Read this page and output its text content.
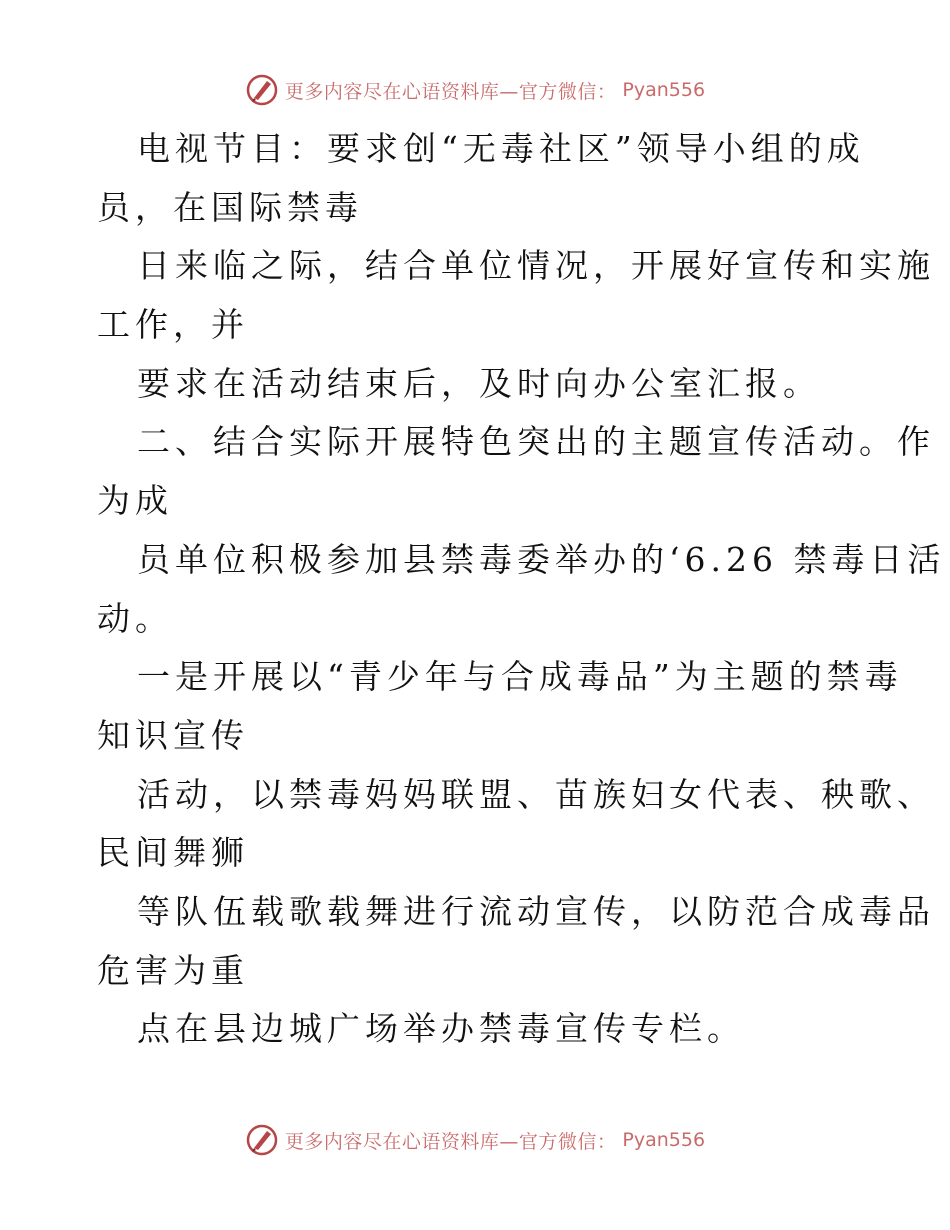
更多内容尽在心语资料库—官方微信： Pyan556
电视节目：要求创“无毒社区”领导小组的成
员，在国际禁毒
日来临之际，结合单位情况，开展好宣传和实施
工作，并
要求在活动结束后，及时向办公室汇报。
二、结合实际开展特色突出的主题宣传活动。作
为成
员单位积极参加县禁毒委举办的‘6.26 禁毒日活
动。
一是开展以“青少年与合成毒品”为主题的禁毒
知识宣传
活动，以禁毒妈妈联盟、苗族妇女代表、秧歌、
民间舞狮
等队伍载歌载舞进行流动宣传，以防范合成毒品
危害为重
点在县边城广场举办禁毒宣传专栏。
更多内容尽在心语资料库—官方微信： Pyan556
